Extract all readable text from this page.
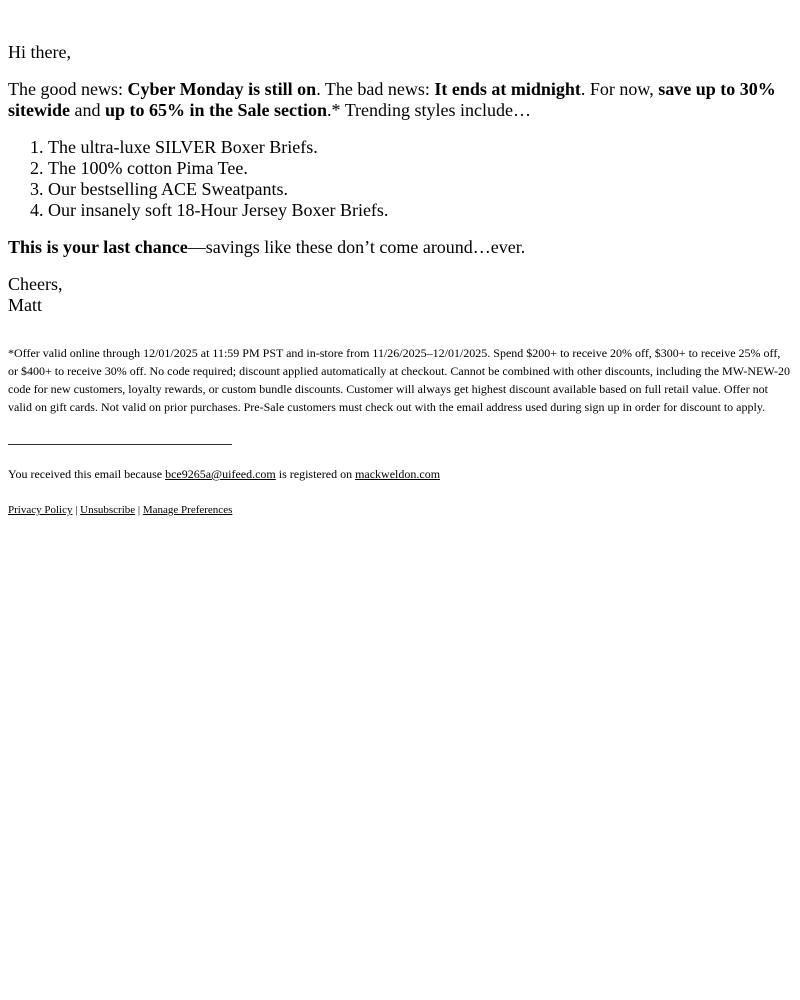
Hi there,

The good news: Cyber Monday is still on. The bad news: It ends at midnight. For now, save up to 30% sitewide and up to 65% in the Sale section.* Trending styles include…

1. The ultra-luxe SILVER Boxer Briefs.
2. The 100% cotton Pima Tee.
3. Our bestselling ACE Sweatpants.
4. Our insanely soft 18-Hour Jersey Boxer Briefs.

This is your last chance—savings like these don’t come around…ever.

Cheers,
Matt

*Offer valid online through 12/01/2025 at 11:59 PM PST and in-store from 11/26/2025–12/01/2025. Spend $200+ to receive 20% off, $300+ to receive 25% off, or $400+ to receive 30% off. No code required; discount applied automatically at checkout. Cannot be combined with other discounts, including the MW-NEW-20 code for new customers, loyalty rewards, or custom bundle discounts. Customer will always get highest discount available based on full retail value. Offer not valid on gift cards. Not valid on prior purchases. Pre-Sale customers must check out with the email address used during sign up in order for discount to apply.

You received this email because bce9265a@uifeed.com is registered on mackweldon.com

Privacy Policy | Unsubscribe | Manage Preferences
